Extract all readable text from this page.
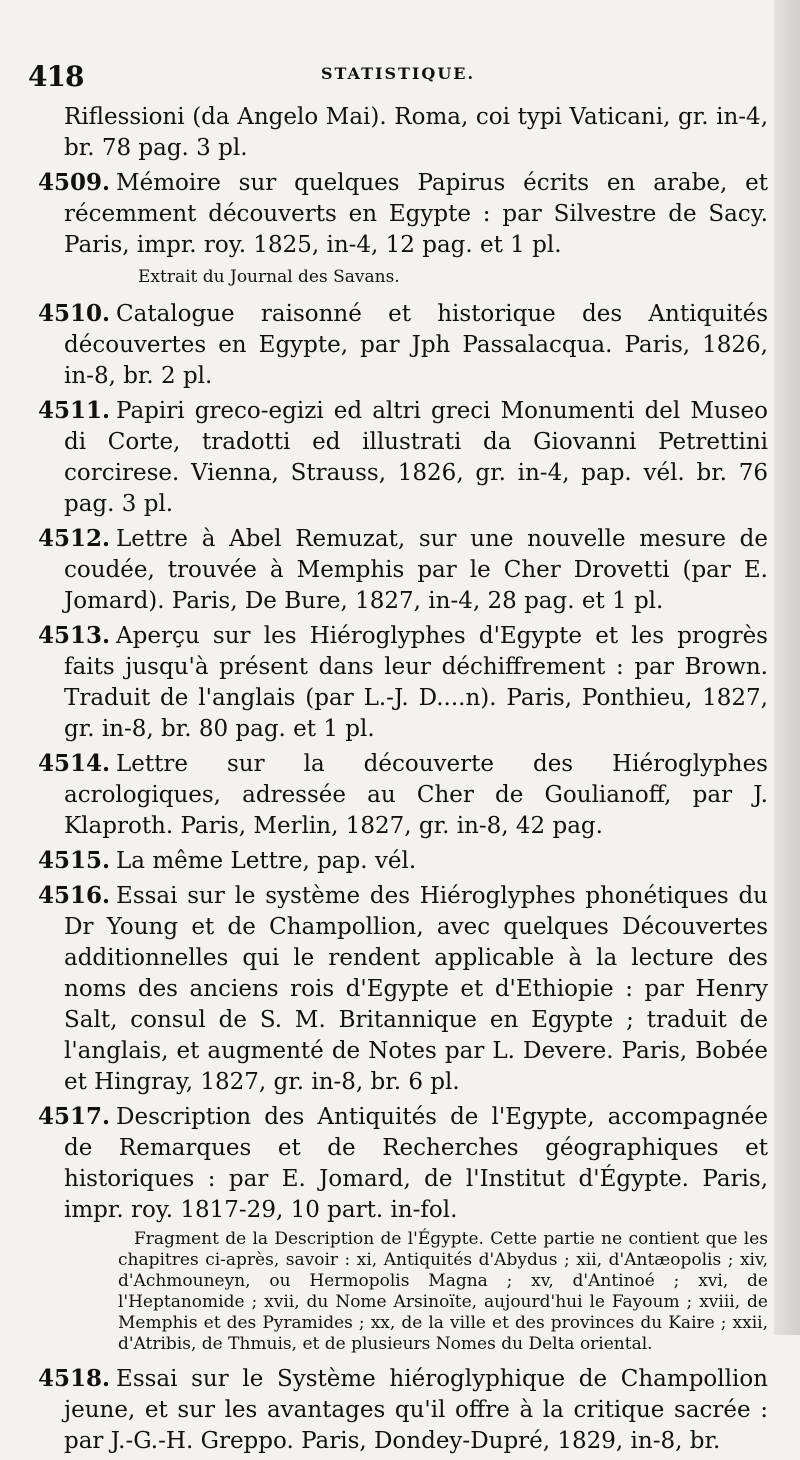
418	STATISTIQUE.
Riflessioni (da Angelo Mai). Roma, coi typi Vaticani, gr. in-4, br. 78 pag. 3 pl.
4509. Mémoire sur quelques Papirus écrits en arabe, et récemment découverts en Egypte : par Silvestre de Sacy. Paris, impr. roy. 1825, in-4, 12 pag. et 1 pl.
Extrait du Journal des Savans.
4510. Catalogue raisonné et historique des Antiquités découvertes en Egypte, par Jph Passalacqua. Paris, 1826, in-8, br. 2 pl.
4511. Papiri greco-egizi ed altri greci Monumenti del Museo di Corte, tradotti ed illustrati da Giovanni Petrettini corcirese. Vienna, Strauss, 1826, gr. in-4, pap. vél. br. 76 pag. 3 pl.
4512. Lettre à Abel Remuzat, sur une nouvelle mesure de coudée, trouvée à Memphis par le Cher Drovetti (par E. Jomard). Paris, De Bure, 1827, in-4, 28 pag. et 1 pl.
4513. Aperçu sur les Hiéroglyphes d'Egypte et les progrès faits jusqu'à présent dans leur déchiffrement : par Brown. Traduit de l'anglais (par L.-J. D....n). Paris, Ponthieu, 1827, gr. in-8, br. 80 pag. et 1 pl.
4514. Lettre sur la découverte des Hiéroglyphes acrologiques, adressée au Cher de Goulianoff, par J. Klaproth. Paris, Merlin, 1827, gr. in-8, 42 pag.
4515. La même Lettre, pap. vél.
4516. Essai sur le système des Hiéroglyphes phonétiques du Dr Young et de Champollion, avec quelques Découvertes additionnelles qui le rendent applicable à la lecture des noms des anciens rois d'Egypte et d'Ethiopie : par Henry Salt, consul de S. M. Britannique en Egypte ; traduit de l'anglais, et augmenté de Notes par L. Devere. Paris, Bobée et Hingray, 1827, gr. in-8, br. 6 pl.
4517. Description des Antiquités de l'Egypte, accompagnée de Remarques et de Recherches géographiques et historiques : par E. Jomard, de l'Institut d'Égypte. Paris, impr. roy. 1817-29, 10 part. in-fol.
Fragment de la Description de l'Égypte. Cette partie ne contient que les chapitres ci-après, savoir : xi, Antiquités d'Abydus ; xii, d'Antæopolis ; xiv, d'Achmouneyn, ou Hermopolis Magna ; xv, d'Antinoé ; xvi, de l'Heptanomide ; xvii, du Nome Arsinoïte, aujourd'hui le Fayoum ; xviii, de Memphis et des Pyramides ; xx, de la ville et des provinces du Kaire ; xxii, d'Atribis, de Thmuis, et de plusieurs Nomes du Delta oriental.
4518. Essai sur le Système hiéroglyphique de Champollion jeune, et sur les avantages qu'il offre à la critique sacrée : par J.-G.-H. Greppo. Paris, Dondey-Dupré, 1829, in-8, br.
